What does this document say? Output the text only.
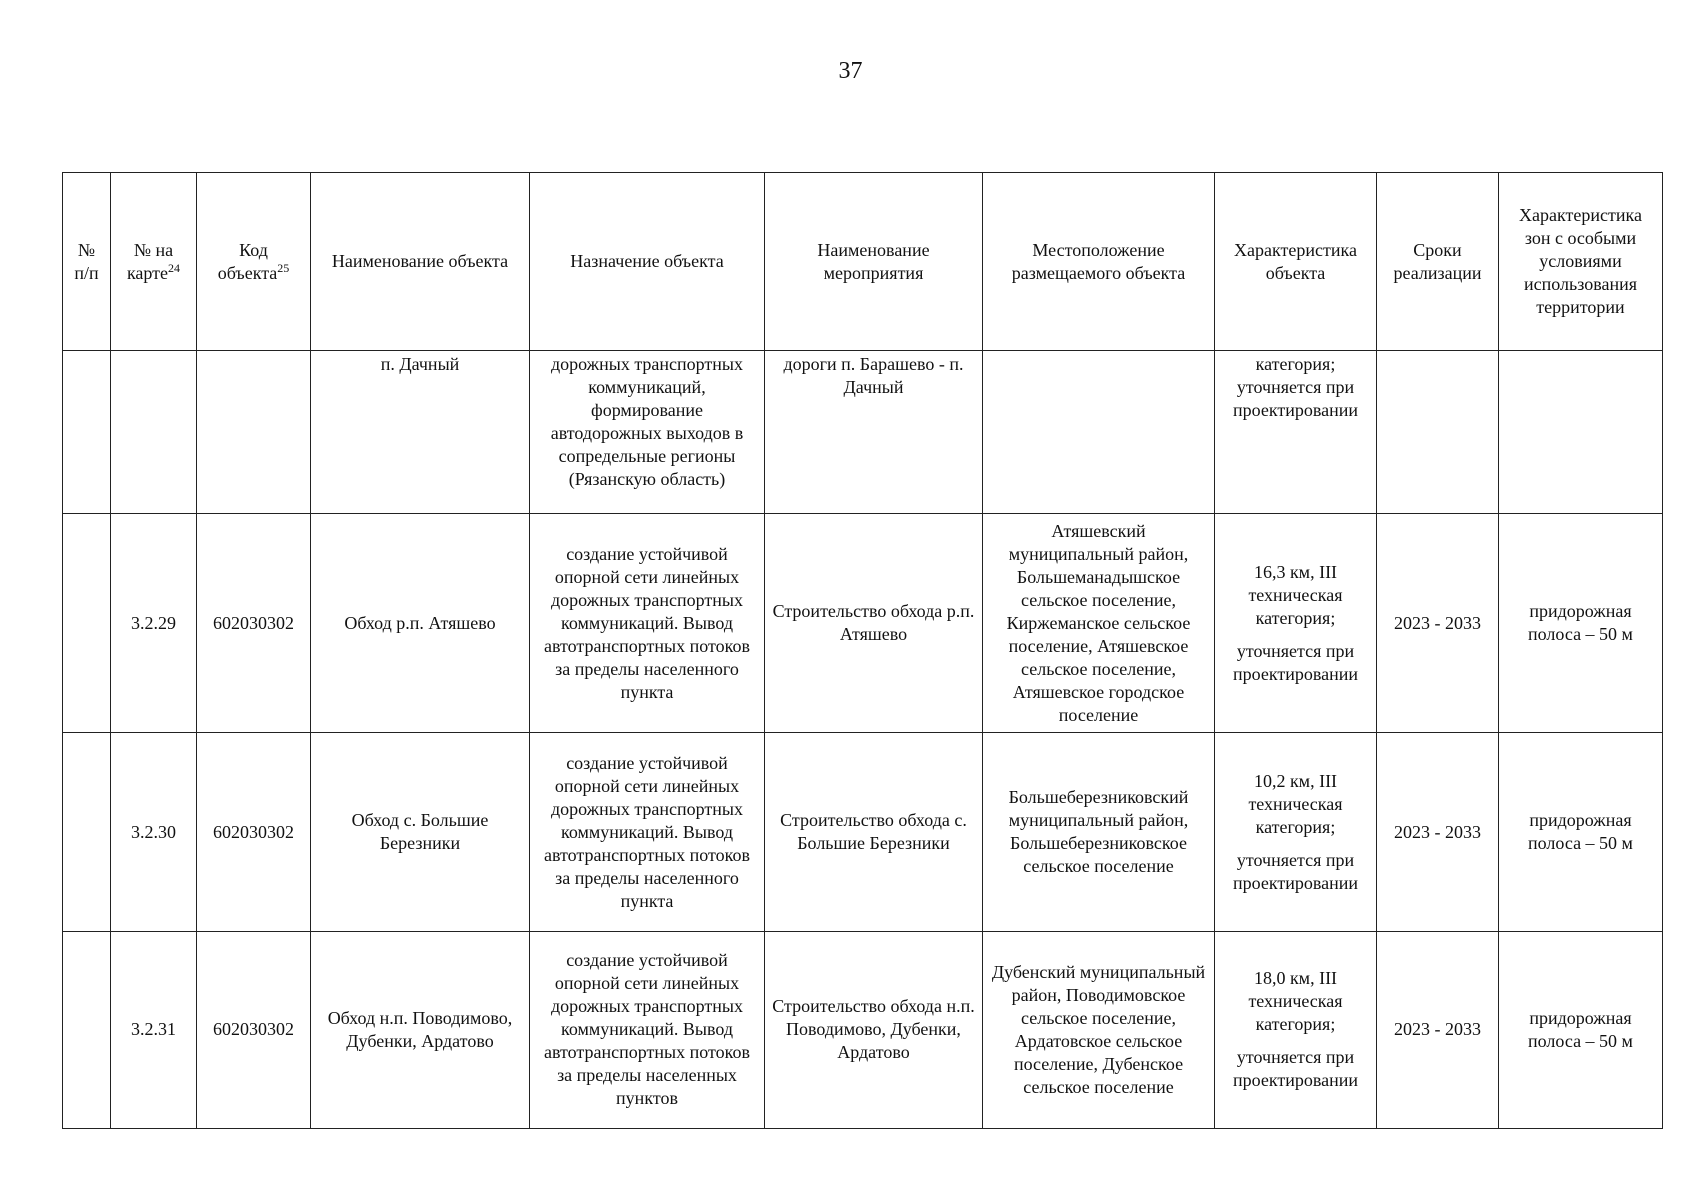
37
№ п/п	№ на карте$^{24}$	Код объекта$^{25}$	Наименование объекта	Назначение объекта	Наименование мероприятия	Местоположение размещаемого объекта	Характеристика объекта	Сроки реализации	Характеристика зон с особыми условиями использования территории
			п. Дачный	дорожных транспортных коммуникаций, формирование автодорожных выходов в сопредельные регионы (Рязанскую область)	дороги п. Барашево - п. Дачный		категория; уточняется при проектировании		
	3.2.29	602030302	Обход р.п. Атяшево	создание устойчивой опорной сети линейных дорожных транспортных коммуникаций. Вывод автотранспортных потоков за пределы населенного пункта	Строительство обхода р.п. Атяшево	Атяшевский муниципальный район, Большеманадышское сельское поселение, Киржеманское сельское поселение, Атяшевское сельское поселение, Атяшевское городское поселение	16,3 км, III техническая категория;
уточняется при проектировании	2023 - 2033	придорожная полоса – 50 м
	3.2.30	602030302	Обход с. Большие Березники	создание устойчивой опорной сети линейных дорожных транспортных коммуникаций. Вывод автотранспортных потоков за пределы населенного пункта	Строительство обхода с. Большие Березники	Большеберезниковский муниципальный район, Большеберезниковское сельское поселение	10,2 км, III техническая категория;
уточняется при проектировании	2023 - 2033	придорожная полоса – 50 м
	3.2.31	602030302	Обход н.п. Поводимово, Дубенки, Ардатово	создание устойчивой опорной сети линейных дорожных транспортных коммуникаций. Вывод автотранспортных потоков за пределы населенных пунктов	Строительство обхода н.п. Поводимово, Дубенки, Ардатово	Дубенский муниципальный район, Поводимовское сельское поселение, Ардатовское сельское поселение, Дубенское сельское поселение	18,0 км, III техническая категория;
уточняется при проектировании	2023 - 2033	придорожная полоса – 50 м
